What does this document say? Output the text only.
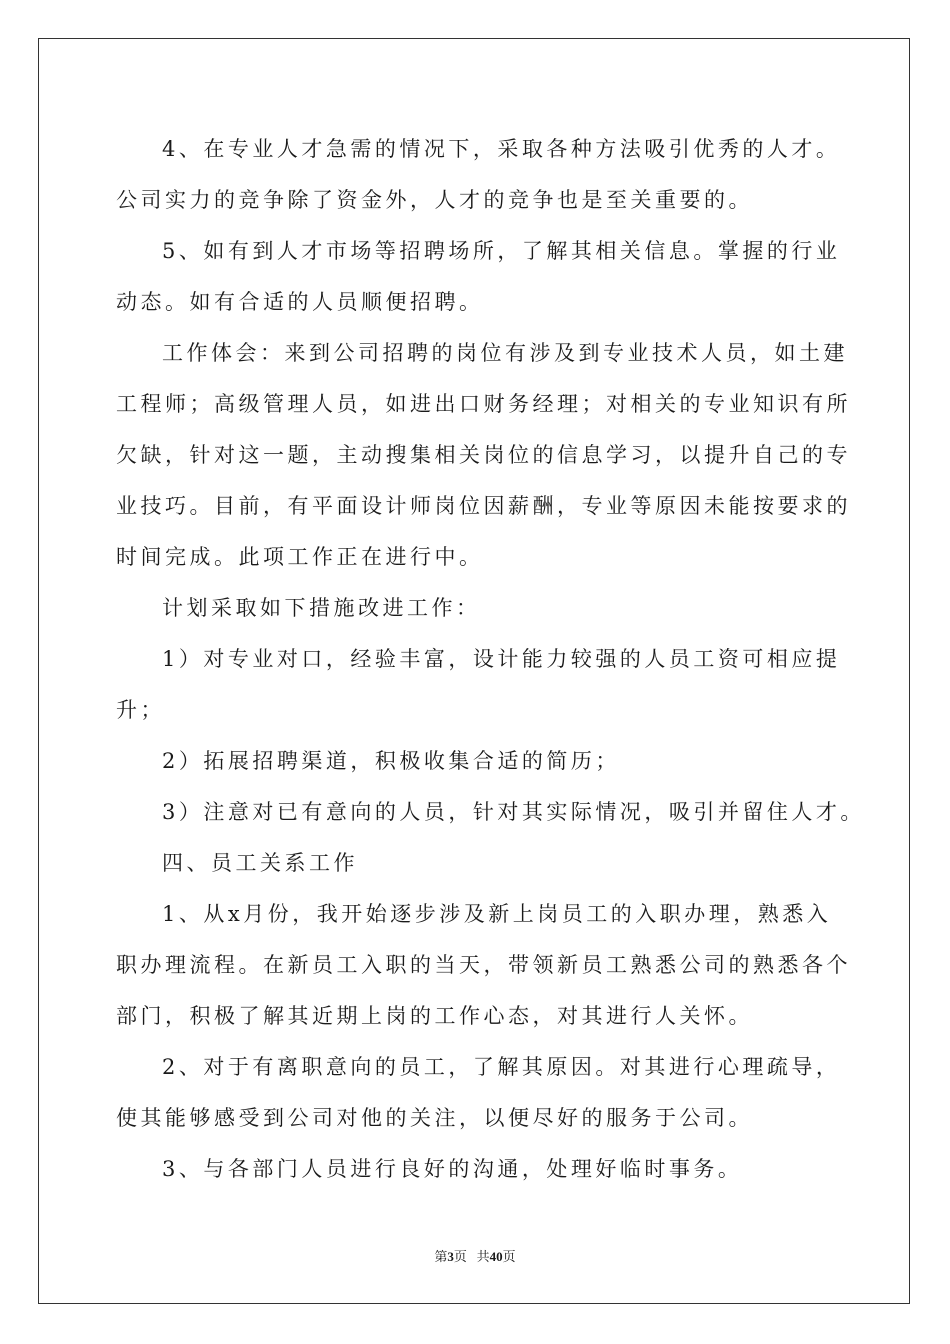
4、在专业人才急需的情况下，采取各种方法吸引优秀的人才。
公司实力的竞争除了资金外，人才的竞争也是至关重要的。
5、如有到人才市场等招聘场所，了解其相关信息。掌握的行业
动态。如有合适的人员顺便招聘。
工作体会：来到公司招聘的岗位有涉及到专业技术人员，如土建
工程师；高级管理人员，如进出口财务经理；对相关的专业知识有所
欠缺，针对这一题，主动搜集相关岗位的信息学习，以提升自己的专
业技巧。目前，有平面设计师岗位因薪酬，专业等原因未能按要求的
时间完成。此项工作正在进行中。
计划采取如下措施改进工作：
1）对专业对口，经验丰富，设计能力较强的人员工资可相应提
升；
2）拓展招聘渠道，积极收集合适的简历；
3）注意对已有意向的人员，针对其实际情况，吸引并留住人才。
四、员工关系工作
1、从x月份，我开始逐步涉及新上岗员工的入职办理，熟悉入
职办理流程。在新员工入职的当天，带领新员工熟悉公司的熟悉各个
部门，积极了解其近期上岗的工作心态，对其进行人关怀。
2、对于有离职意向的员工，了解其原因。对其进行心理疏导，
使其能够感受到公司对他的关注，以便尽好的服务于公司。
3、与各部门人员进行良好的沟通，处理好临时事务。
第3页   共40页
